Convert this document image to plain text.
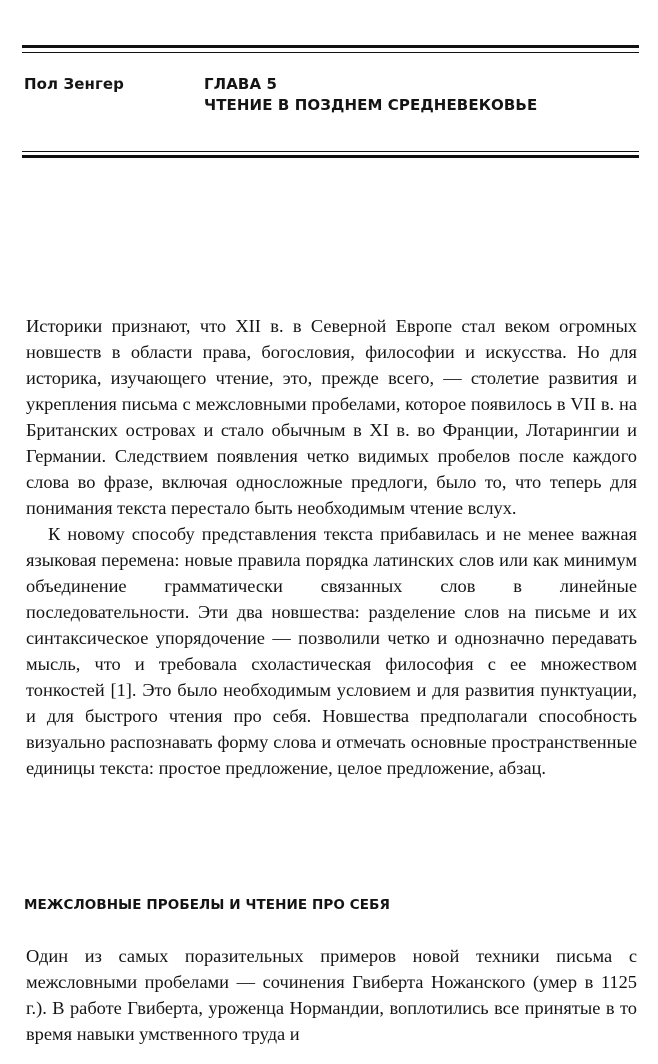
Пол Зенгер	ГЛАВА 5
ЧТЕНИЕ В ПОЗДНЕМ СРЕДНЕВЕКОВЬЕ

Историки признают, что XII в. в Северной Европе стал веком огромных новшеств в области права, богословия, философии и искусства. Но для историка, изучающего чтение, это, прежде всего, — столетие развития и укрепления письма с межсловными пробелами, которое появилось в VII в. на Британских островах и стало обычным в XI в. во Франции, Лотарингии и Германии. Следствием появления четко видимых пробелов после каждого слова во фразе, включая односложные предлоги, было то, что теперь для понимания текста перестало быть необходимым чтение вслух.

К новому способу представления текста прибавилась и не менее важная языковая перемена: новые правила порядка латинских слов или как минимум объединение грамматически связанных слов в линейные последовательности. Эти два новшества: разделение слов на письме и их синтаксическое упорядочение — позволили четко и однозначно передавать мысль, что и требовала схоластическая философия с ее множеством тонкостей [1]. Это было необходимым условием и для развития пунктуации, и для быстрого чтения про себя. Новшества предполагали способность визуально распознавать форму слова и отмечать основные пространственные единицы текста: простое предложение, целое предложение, абзац.

МЕЖСЛОВНЫЕ ПРОБЕЛЫ И ЧТЕНИЕ ПРО СЕБЯ

Один из самых поразительных примеров новой техники письма с межсловными пробелами — сочинения Гвиберта Ножанского (умер в 1125 г.). В работе Гвиберта, уроженца Нормандии, воплотились все принятые в то время навыки умственного труда и
